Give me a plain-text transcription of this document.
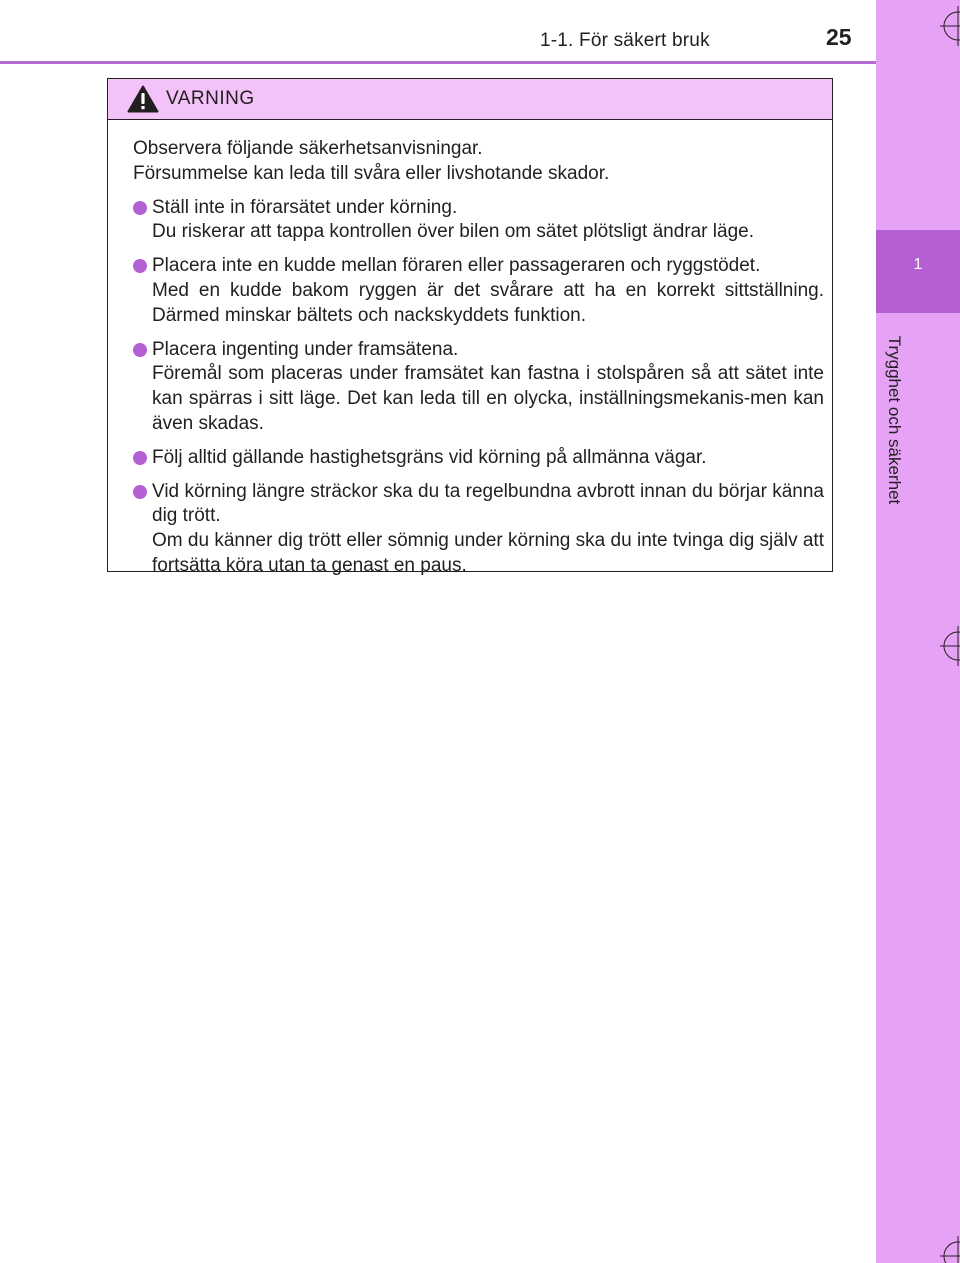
1
Trygghet och säkerhet
1-1. För säkert bruk	25
VARNING

Observera följande säkerhetsanvisningar.

Försummelse kan leda till svåra eller livshotande skador.

Ställ inte in förarsätet under körning.

Du riskerar att tappa kontrollen över bilen om sätet plötsligt ändrar läge.

Placera inte en kudde mellan föraren eller passageraren och ryggstödet.

Med en kudde bakom ryggen är det svårare att ha en korrekt sittställning. Därmed minskar bältets och nackskyddets funktion.

Placera ingenting under framsätena.

Föremål som placeras under framsätet kan fastna i stolspåren så att sätet inte kan spärras i sitt läge. Det kan leda till en olycka, inställningsmekanis-men kan även skadas.

Följ alltid gällande hastighetsgräns vid körning på allmänna vägar.

Vid körning längre sträckor ska du ta regelbundna avbrott innan du börjar känna dig trött.

Om du känner dig trött eller sömnig under körning ska du inte tvinga dig själv att fortsätta köra utan ta genast en paus.
